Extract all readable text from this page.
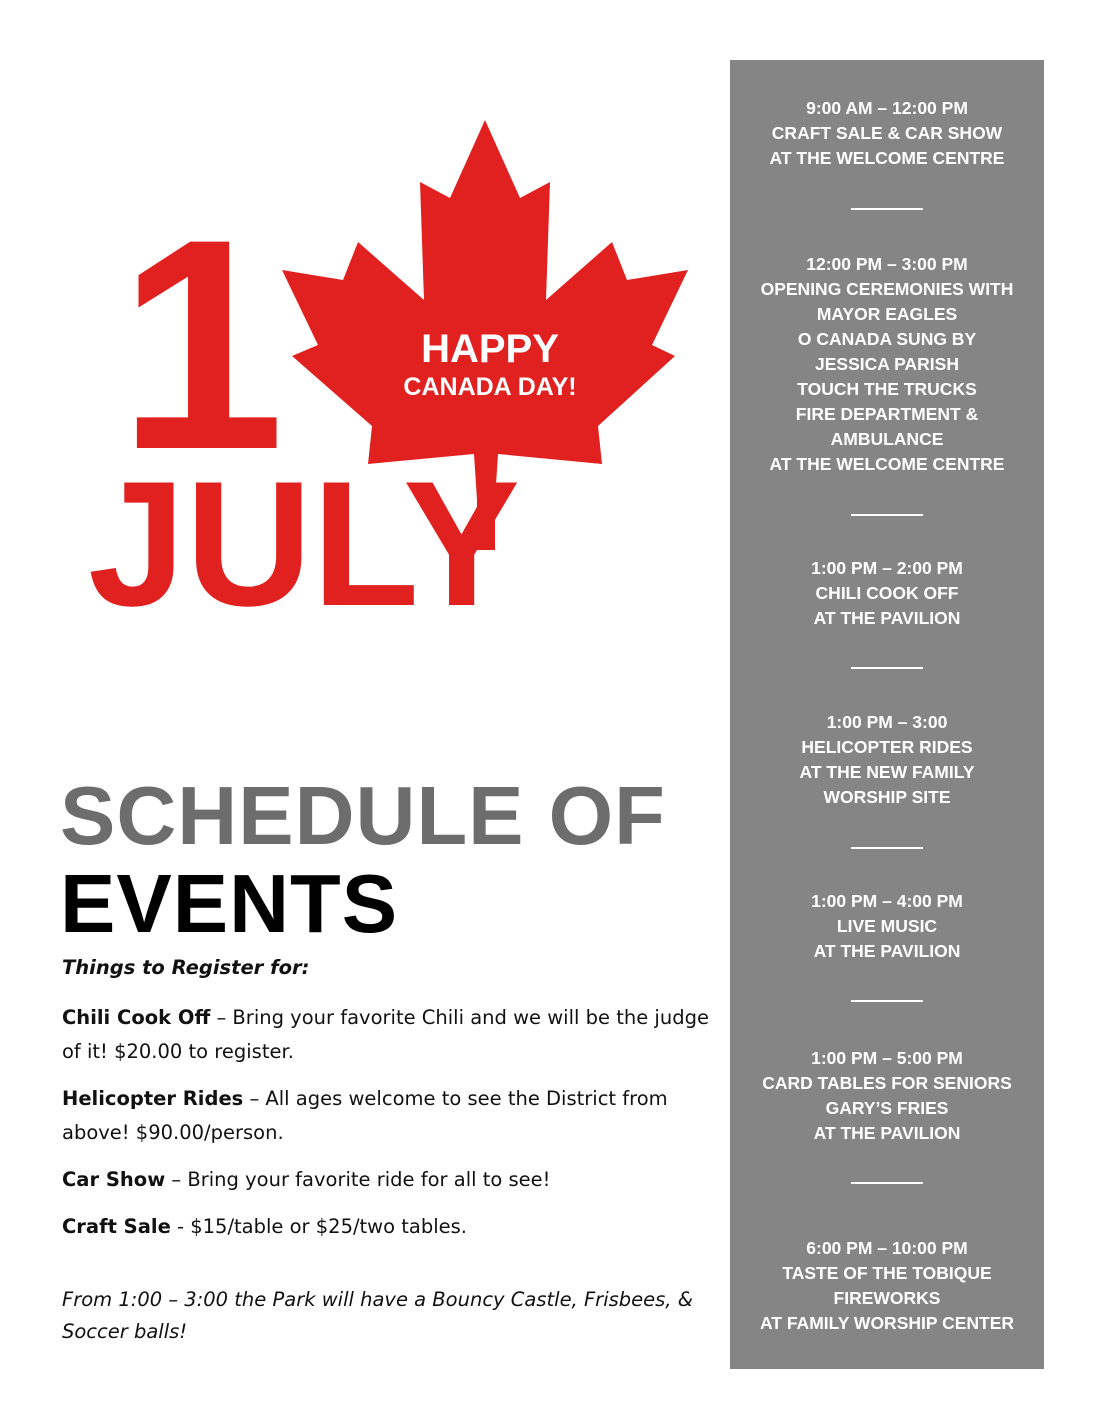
1	HAPPY
CANADA DAY!
JULY
SCHEDULE OF
EVENTS
Things to Register for:
Chili Cook Off – Bring your favorite Chili and we will be the judge of it! $20.00 to register.
Helicopter Rides – All ages welcome to see the District from above! $90.00/person.
Car Show – Bring your favorite ride for all to see!
Craft Sale - $15/table or $25/two tables.
From 1:00 – 3:00 the Park will have a Bouncy Castle, Frisbees, & Soccer balls!
9:00 AM – 12:00 PM
CRAFT SALE & CAR SHOW
AT THE WELCOME CENTRE
12:00 PM – 3:00 PM
OPENING CEREMONIES WITH
MAYOR EAGLES
O CANADA SUNG BY
JESSICA PARISH
TOUCH THE TRUCKS
FIRE DEPARTMENT &
AMBULANCE
AT THE WELCOME CENTRE
1:00 PM – 2:00 PM
CHILI COOK OFF
AT THE PAVILION
1:00 PM – 3:00
HELICOPTER RIDES
AT THE NEW FAMILY
WORSHIP SITE
1:00 PM – 4:00 PM
LIVE MUSIC
AT THE PAVILION
1:00 PM – 5:00 PM
CARD TABLES FOR SENIORS
GARY’S FRIES
AT THE PAVILION
6:00 PM – 10:00 PM
TASTE OF THE TOBIQUE
FIREWORKS
AT FAMILY WORSHIP CENTER
